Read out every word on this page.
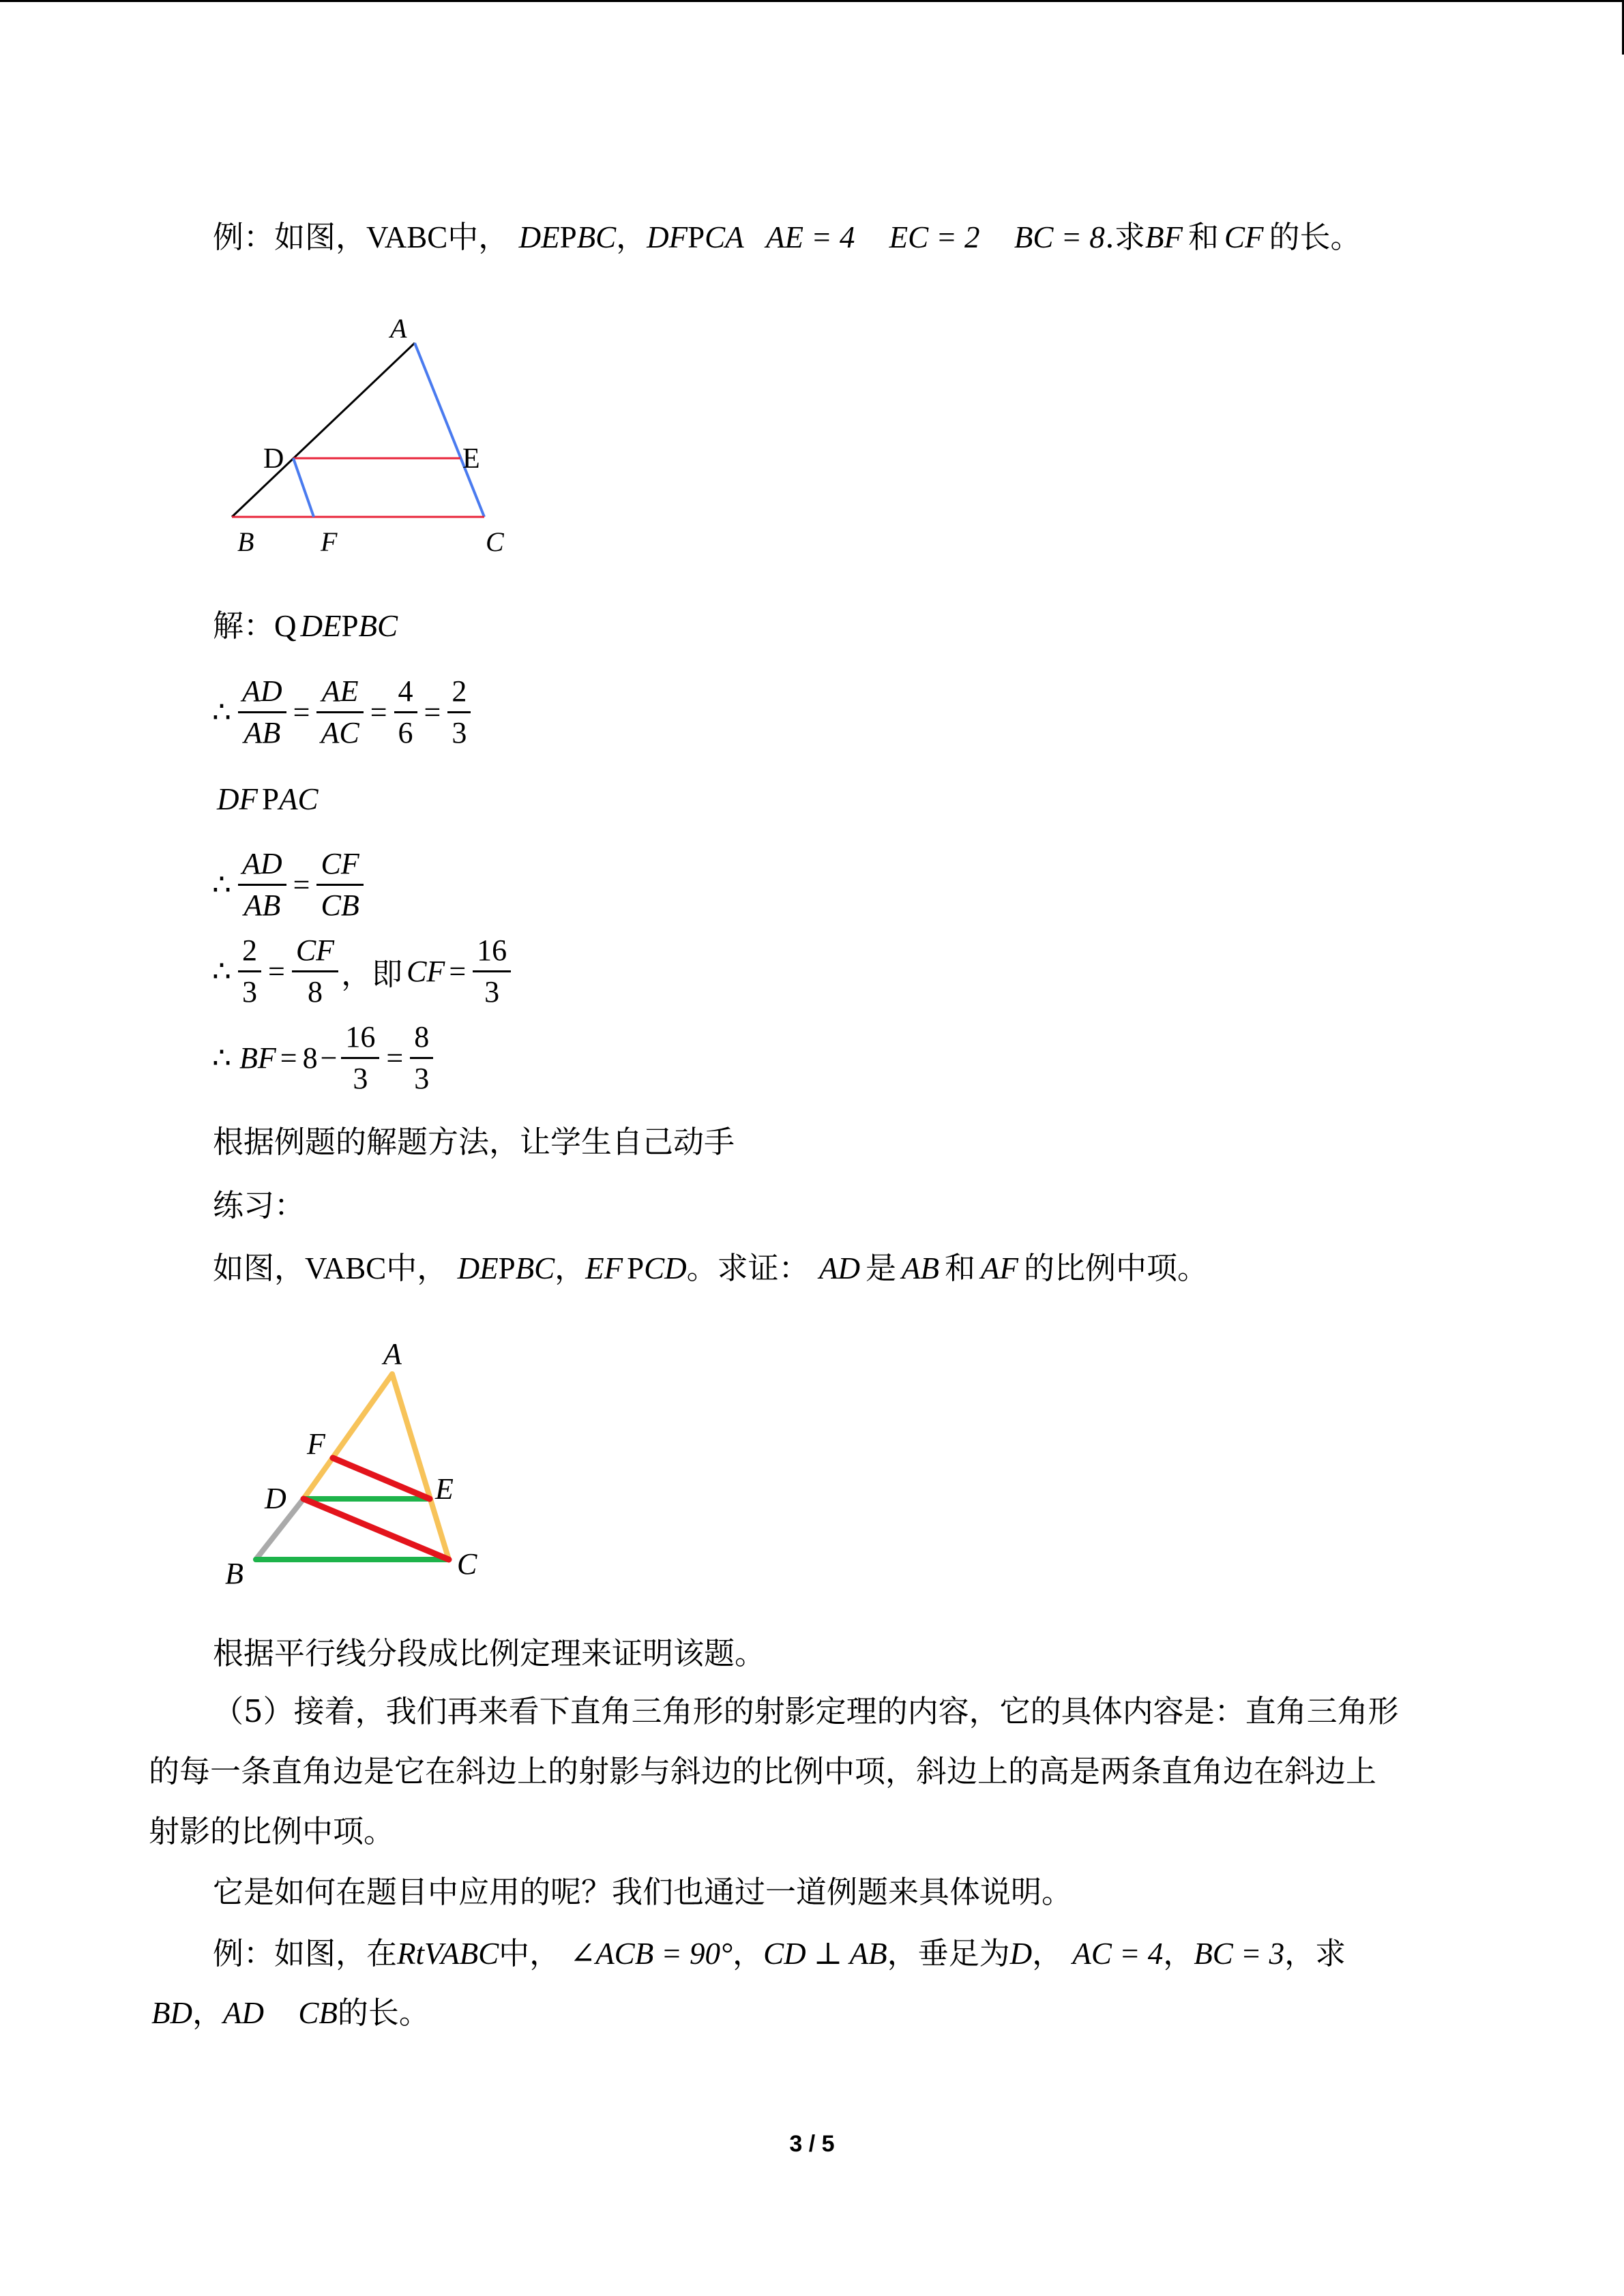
例：如图，VABC中， DEPBC，DFPCA AE = 4 EC = 2 BC = 8.求BF 和 CF 的长。
A
D	E
B F	C
解：Q DEPBC
∴ $\frac{AD}{AB} = \frac{AE}{AC} = \frac{4}{6} = \frac{2}{3}$
DF PAC
∴ $\frac{AD}{AB} = \frac{CF}{CB}$
∴ $\frac{2}{3} = \frac{CF}{8}$ ，即 CF = $\frac{16}{3}$
∴ BF = $8 - \frac{16}{3} = \frac{8}{3}$
根据例题的解题方法，让学生自己动手
练习：
如图，VABC中， DEPBC，EF PCD。求证： AD 是 AB 和 AF 的比例中项。
A
F
D	E
B	C
根据平行线分段成比例定理来证明该题。
（5）接着，我们再来看下直角三角形的射影定理的内容，它的具体内容是：直角三角形
的每一条直角边是它在斜边上的射影与斜边的比例中项，斜边上的高是两条直角边在斜边上
射影的比例中项。
它是如何在题目中应用的呢？我们也通过一道例题来具体说明。
例：如图，在RtVABC中， ∠ACB = 90°，CD ⊥ AB，垂足为D， AC = 4，BC = 3，求
BD，AD CB的长。
3 / 5
